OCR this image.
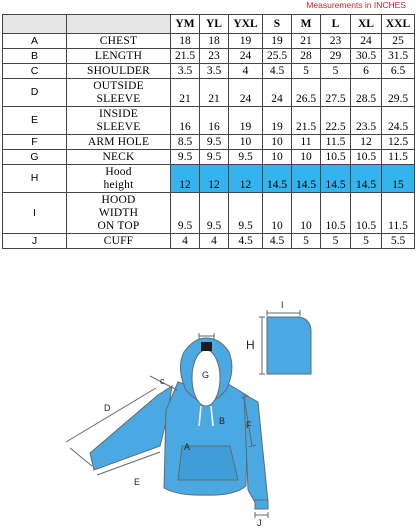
Measurements in INCHES
		YM	YL	YXL	S	M	L	XL	XXL
A	CHEST	18	18	19	19	21	23	24	25
B	LENGTH	21.5	23	24	25.5	28	29	30.5	31.5
C	SHOULDER	3.5	3.5	4	4.5	5	5	6	6.5
D	OUTSIDE
SLEEVE	21	21	24	24	26.5	27.5	28.5	29.5
E	INSIDE
SLEEVE	16	16	19	19	21.5	22.5	23.5	24.5
F	ARM HOLE	8.5	9.5	10	10	11	11.5	12	12.5
G	NECK	9.5	9.5	9.5	10	10	10.5	10.5	11.5
H	Hood
height	12	12	12	14.5	14.5	14.5	14.5	15
I	HOOD
WIDTH
ON TOP	9.5	9.5	9.5	10	10	10.5	10.5	11.5
J	CUFF	4	4	4.5	4.5	5	5	5	5.5
A
B
c
D
E
F
G
H
I
J
